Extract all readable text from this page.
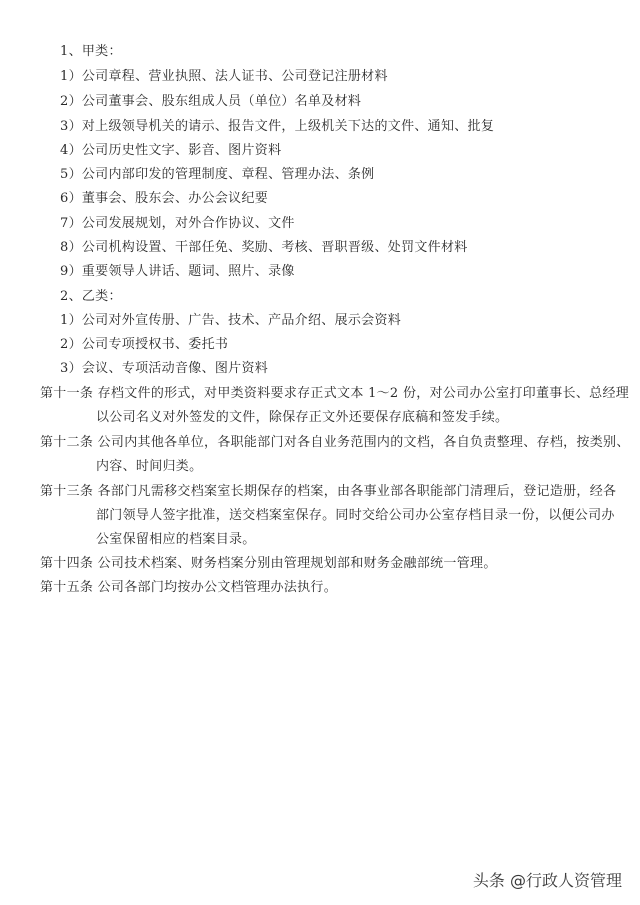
1、甲类：
1）公司章程、营业执照、法人证书、公司登记注册材料
2）公司董事会、股东组成人员（单位）名单及材料
3）对上级领导机关的请示、报告文件，上级机关下达的文件、通知、批复
4）公司历史性文字、影音、图片资料
5）公司内部印发的管理制度、章程、管理办法、条例
6）董事会、股东会、办公会议纪要
7）公司发展规划，对外合作协议、文件
8）公司机构设置、干部任免、奖励、考核、晋职晋级、处罚文件材料
9）重要领导人讲话、题词、照片、录像
2、乙类：
1）公司对外宣传册、广告、技术、产品介绍、展示会资料
2）公司专项授权书、委托书
3）会议、专项活动音像、图片资料
第十一条 存档文件的形式，对甲类资料要求存正式文本 1～2 份，对公司办公室打印董事长、总经理
以公司名义对外签发的文件，除保存正文外还要保存底稿和签发手续。
第十二条 公司内其他各单位，各职能部门对各自业务范围内的文档，各自负责整理、存档，按类别、
内容、时间归类。
第十三条 各部门凡需移交档案室长期保存的档案，由各事业部各职能部门清理后，登记造册，经各
部门领导人签字批准，送交档案室保存。同时交给公司办公室存档目录一份，以便公司办
公室保留相应的档案目录。
第十四条 公司技术档案、财务档案分别由管理规划部和财务金融部统一管理。
第十五条 公司各部门均按办公文档管理办法执行。
头条 @行政人资管理
